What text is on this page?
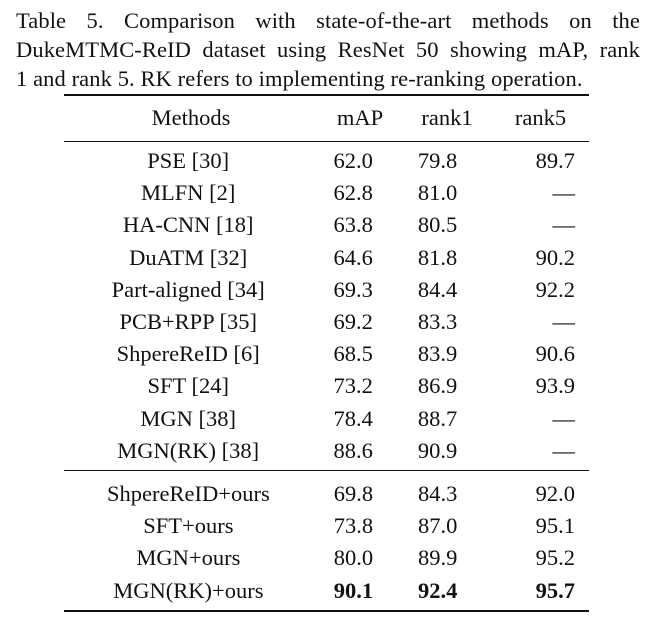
Table 5. Comparison with state-of-the-art methods on the
DukeMTMC-ReID dataset using ResNet 50 showing mAP, rank
1 and rank 5. RK refers to implementing re-ranking operation.
Methods	mAP	rank1	rank5
PSE [30]	62.0	79.8	89.7
MLFN [2]	62.8	81.0	—
HA-CNN [18]	63.8	80.5	—
DuATM [32]	64.6	81.8	90.2
Part-aligned [34]	69.3	84.4	92.2
PCB+RPP [35]	69.2	83.3	—
ShpereReID [6]	68.5	83.9	90.6
SFT [24]	73.2	86.9	93.9
MGN [38]	78.4	88.7	—
MGN(RK) [38]	88.6	90.9	—
ShpereReID+ours	69.8	84.3	92.0
SFT+ours	73.8	87.0	95.1
MGN+ours	80.0	89.9	95.2
MGN(RK)+ours	90.1	92.4	95.7
